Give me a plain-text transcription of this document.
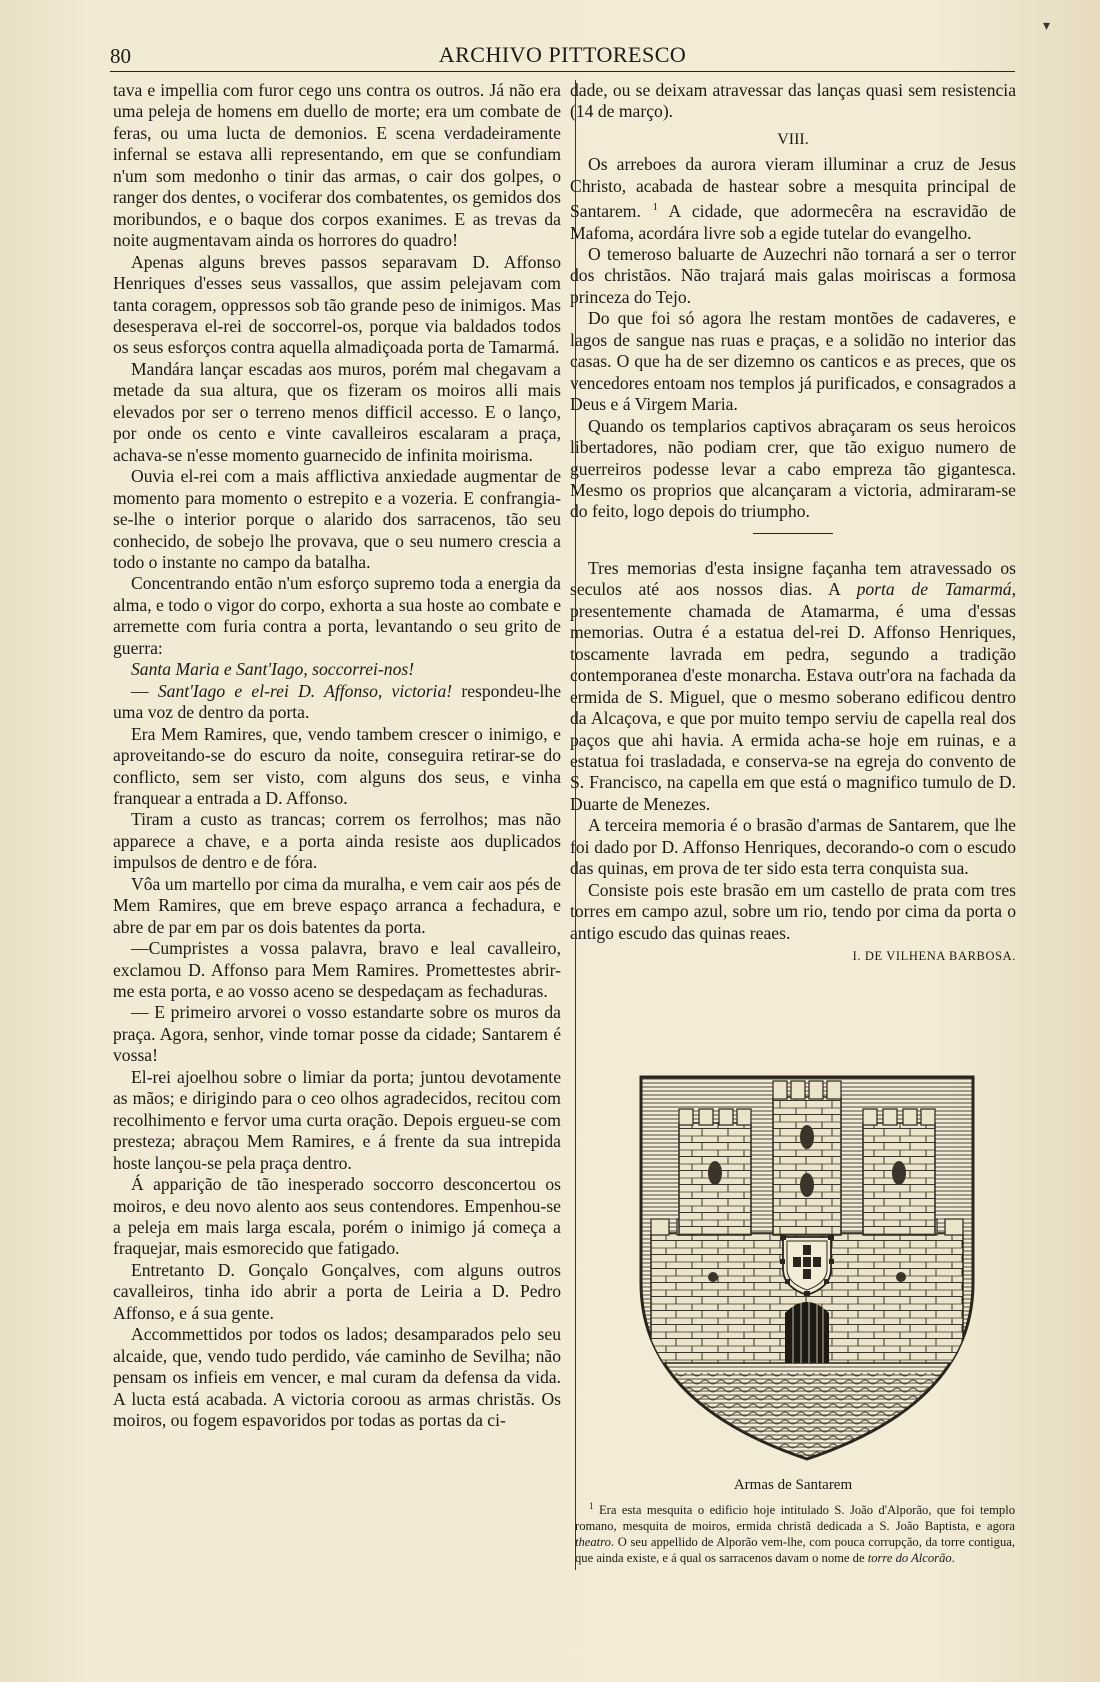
▾
80	ARCHIVO PITTORESCO

tava e impellia com furor cego uns contra os outros. Já não era uma peleja de homens em duello de morte; era um combate de feras, ou uma lucta de demonios. E scena verdadeiramente infernal se estava alli representando, em que se confundiam n'um som medonho o tinir das armas, o cair dos golpes, o ranger dos dentes, o vociferar dos combatentes, os gemidos dos moribundos, e o baque dos corpos exanimes. E as trevas da noite augmentavam ainda os horrores do quadro!

Apenas alguns breves passos separavam D. Affonso Henriques d'esses seus vassallos, que assim pelejavam com tanta coragem, oppressos sob tão grande peso de inimigos. Mas desesperava el-rei de soccorrel-os, porque via baldados todos os seus esforços contra aquella almadiçoada porta de Tamarmá.

Mandára lançar escadas aos muros, porém mal chegavam a metade da sua altura, que os fizeram os moiros alli mais elevados por ser o terreno menos difficil accesso. E o lanço, por onde os cento e vinte cavalleiros escalaram a praça, achava-se n'esse momento guarnecido de infinita moirisma.

Ouvia el-rei com a mais afflictiva anxiedade augmentar de momento para momento o estrepito e a vozeria. E confrangia-se-lhe o interior porque o alarido dos sarracenos, tão seu conhecido, de sobejo lhe provava, que o seu numero crescia a todo o instante no campo da batalha.

Concentrando então n'um esforço supremo toda a energia da alma, e todo o vigor do corpo, exhorta a sua hoste ao combate e arremette com furia contra a porta, levantando o seu grito de guerra:

Santa Maria e Sant'Iago, soccorrei-nos!

— Sant'Iago e el-rei D. Affonso, victoria! respondeu-lhe uma voz de dentro da porta.

Era Mem Ramires, que, vendo tambem crescer o inimigo, e aproveitando-se do escuro da noite, conseguira retirar-se do conflicto, sem ser visto, com alguns dos seus, e vinha franquear a entrada a D. Affonso.

Tiram a custo as trancas; correm os ferrolhos; mas não apparece a chave, e a porta ainda resiste aos duplicados impulsos de dentro e de fóra.

Vôa um martello por cima da muralha, e vem cair aos pés de Mem Ramires, que em breve espaço arranca a fechadura, e abre de par em par os dois batentes da porta.

—Cumpristes a vossa palavra, bravo e leal cavalleiro, exclamou D. Affonso para Mem Ramires. Promettestes abrir-me esta porta, e ao vosso aceno se despedaçam as fechaduras.

— E primeiro arvorei o vosso estandarte sobre os muros da praça. Agora, senhor, vinde tomar posse da cidade; Santarem é vossa!

El-rei ajoelhou sobre o limiar da porta; juntou devotamente as mãos; e dirigindo para o ceo olhos agradecidos, recitou com recolhimento e fervor uma curta oração. Depois ergueu-se com presteza; abraçou Mem Ramires, e á frente da sua intrepida hoste lançou-se pela praça dentro.

Á apparição de tão inesperado soccorro desconcertou os moiros, e deu novo alento aos seus contendores. Empenhou-se a peleja em mais larga escala, porém o inimigo já começa a fraquejar, mais esmorecido que fatigado.

Entretanto D. Gonçalo Gonçalves, com alguns outros cavalleiros, tinha ido abrir a porta de Leiria a D. Pedro Affonso, e á sua gente.

Accommettidos por todos os lados; desamparados pelo seu alcaide, que, vendo tudo perdido, váe caminho de Sevilha; não pensam os infieis em vencer, e mal curam da defensa da vida. A lucta está acabada. A victoria coroou as armas christãs. Os moiros, ou fogem espavoridos por todas as portas da ci-

dade, ou se deixam atravessar das lanças quasi sem resistencia (14 de março).

VIII.

Os arreboes da aurora vieram illuminar a cruz de Jesus Christo, acabada de hastear sobre a mesquita principal de Santarem. $^1$ A cidade, que adormecêra na escravidão de Mafoma, acordára livre sob a egide tutelar do evangelho.

O temeroso baluarte de Auzechri não tornará a ser o terror dos christãos. Não trajará mais galas moiriscas a formosa princeza do Tejo.

Do que foi só agora lhe restam montões de cadaveres, e lagos de sangue nas ruas e praças, e a solidão no interior das casas. O que ha de ser dizemno os canticos e as preces, que os vencedores entoam nos templos já purificados, e consagrados a Deus e á Virgem Maria.

Quando os templarios captivos abraçaram os seus heroicos libertadores, não podiam crer, que tão exiguo numero de guerreiros podesse levar a cabo empreza tão gigantesca. Mesmo os proprios que alcançaram a victoria, admiraram-se do feito, logo depois do triumpho.

Tres memorias d'esta insigne façanha tem atravessado os seculos até aos nossos dias. A porta de Tamarmá, presentemente chamada de Atamarma, é uma d'essas memorias. Outra é a estatua del-rei D. Affonso Henriques, toscamente lavrada em pedra, segundo a tradição contemporanea d'este monarcha. Estava outr'ora na fachada da ermida de S. Miguel, que o mesmo soberano edificou dentro da Alcaçova, e que por muito tempo serviu de capella real dos paços que ahi havia. A ermida acha-se hoje em ruinas, e a estatua foi trasladada, e conserva-se na egreja do convento de S. Francisco, na capella em que está o magnifico tumulo de D. Duarte de Menezes.

A terceira memoria é o brasão d'armas de Santarem, que lhe foi dado por D. Affonso Henriques, decorando-o com o escudo das quinas, em prova de ter sido esta terra conquista sua.

Consiste pois este brasão em um castello de prata com tres torres em campo azul, sobre um rio, tendo por cima da porta o antigo escudo das quinas reaes.

I. DE VILHENA BARBOSA.

Armas de Santarem

$^1$ Era esta mesquita o edificio hoje intitulado S. João d'Alporão, que foi templo romano, mesquita de moiros, ermida christã dedicada a S. João Baptista, e agora theatro. O seu appellido de Alporão vem-lhe, com pouca corrupção, da torre contigua, que ainda existe, e á qual os sarracenos davam o nome de torre do Alcorão.
